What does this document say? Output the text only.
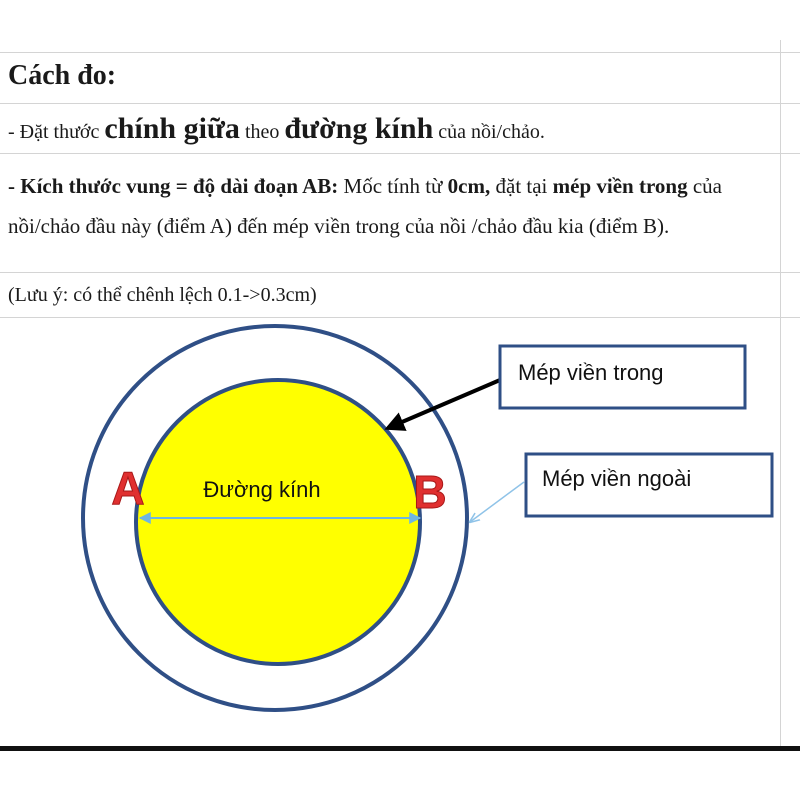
Cách đo:
- Đặt thước chính giữa theo đường kính của nồi/chảo.
- Kích thước vung = độ dài đoạn AB: Mốc tính từ 0cm, đặt tại mép viền trong của nồi/chảo đầu này (điểm A) đến mép viền trong của nồi /chảo đầu kia (điểm B).
(Lưu ý: có thể chênh lệch 0.1->0.3cm)
Đường kính
A	B
Mép viền trong
Mép viền ngoài
